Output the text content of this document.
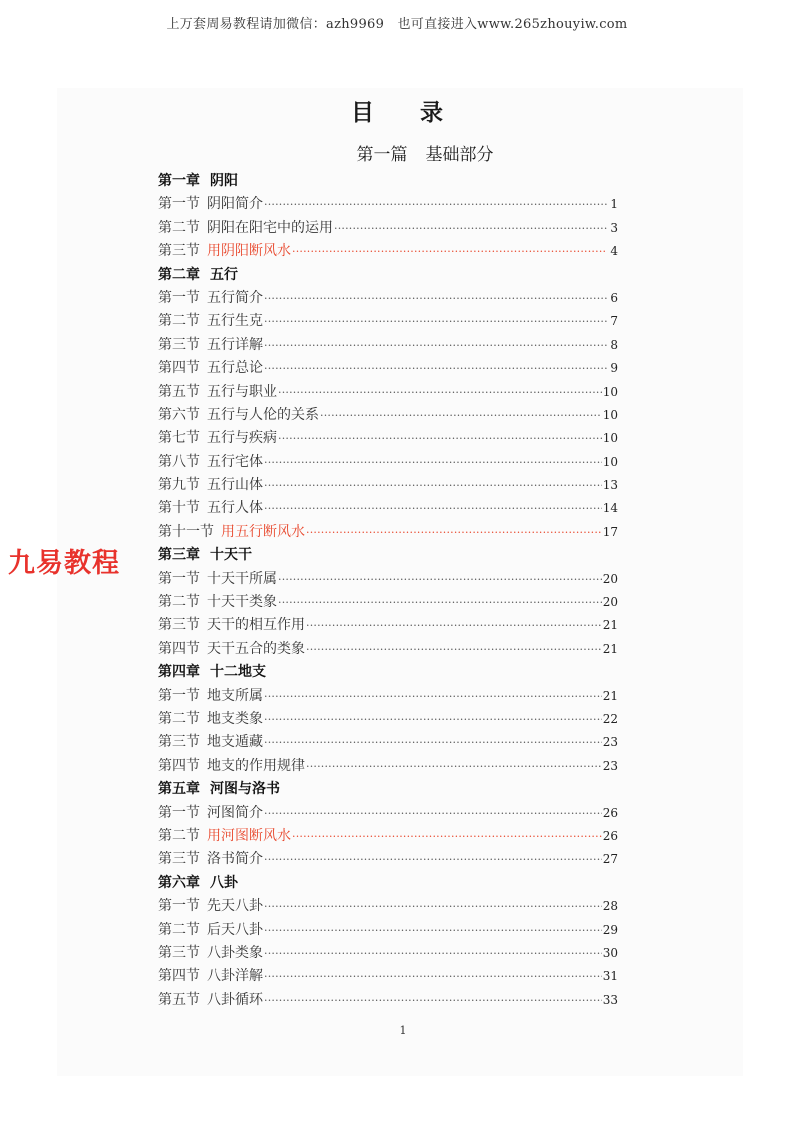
上万套周易教程请加微信：azh9969　也可直接进入www.265zhouyiw.com
目 录
第一篇 基础部分
第一章 阴阳
第一节 阴阳简介 ·····	1
第二节 阴阳在阳宅中的运用 ·····	3
第三节 用阴阳断风水 ·····	4
第二章 五行
第一节 五行简介 ·····	6
第二节 五行生克 ·····	7
第三节 五行详解 ·····	8
第四节 五行总论 ·····	9
第五节 五行与职业 ·····	10
第六节 五行与人伦的关系 ·····	10
第七节 五行与疾病 ·····	10
第八节 五行宅体 ·····	10
第九节 五行山体 ·····	13
第十节 五行人体 ·····	14
第十一节 用五行断风水 ·····	17
第三章 十天干
第一节 十天干所属 ·····	20
第二节 十天干类象 ·····	20
第三节 天干的相互作用 ·····	21
第四节 天干五合的类象 ·····	21
第四章 十二地支
第一节 地支所属 ·····	21
第二节 地支类象 ·····	22
第三节 地支遁藏 ·····	23
第四节 地支的作用规律 ·····	23
第五章 河图与洛书
第一节 河图简介 ·····	26
第二节 用河图断风水 ·····	26
第三节 洛书简介 ·····	27
第六章 八卦
第一节 先天八卦 ·····	28
第二节 后天八卦 ·····	29
第三节 八卦类象 ·····	30
第四节 八卦洋解 ·····	31
第五节 八卦循环 ·····	33
九易教程
1
